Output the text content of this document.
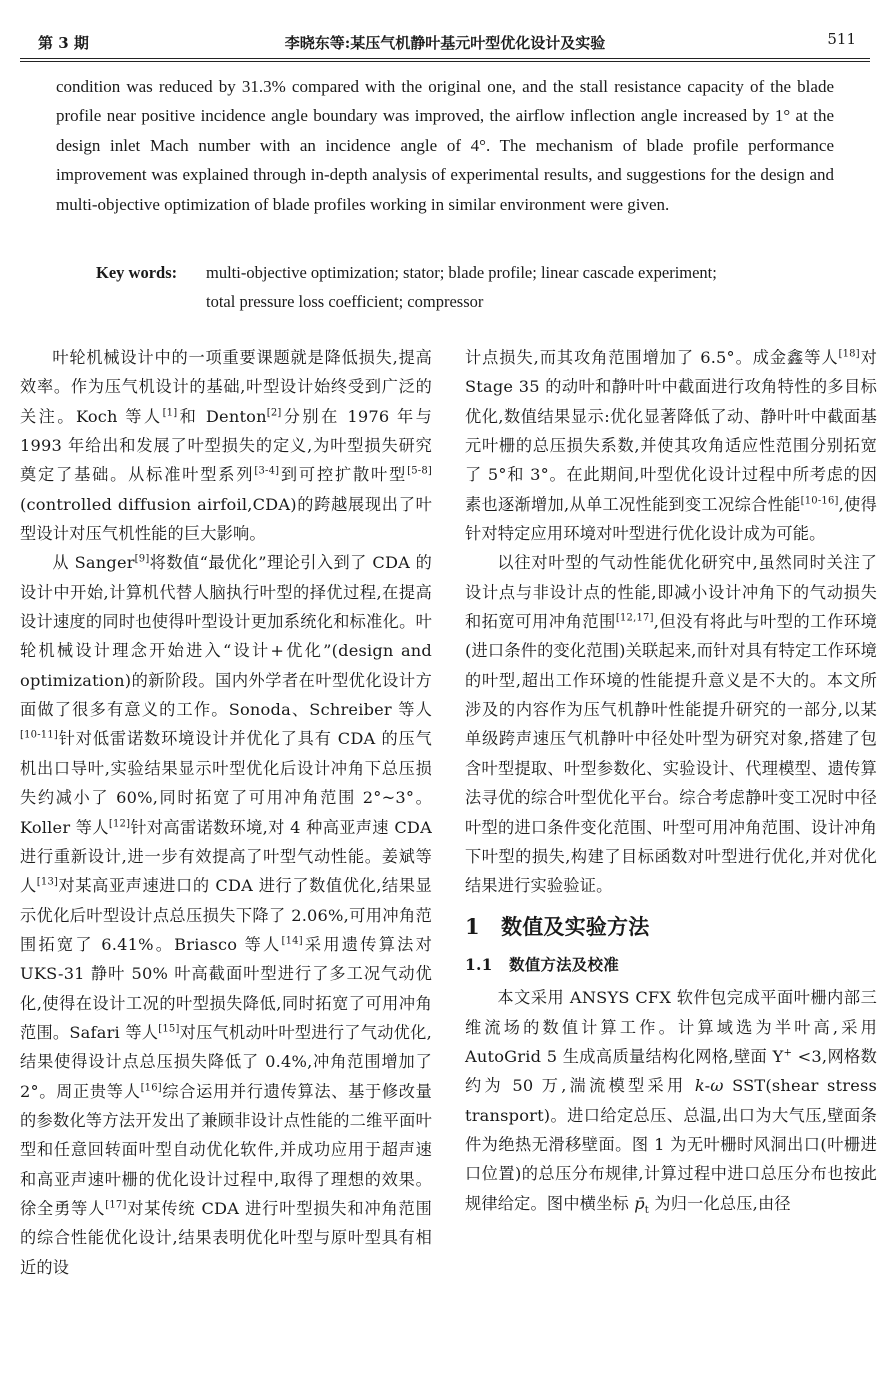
第 3 期	李晓东等:某压气机静叶基元叶型优化设计及实验	511
condition was reduced by 31.3% compared with the original one, and the stall resistance capacity of the blade profile near positive incidence angle boundary was improved, the airflow inflection angle increased by 1° at the design inlet Mach number with an incidence angle of 4°. The mechanism of blade profile performance improvement was explained through in-depth analysis of experimental results, and suggestions for the design and multi-objective optimization of blade profiles working in similar environment were given.
Key words: multi-objective optimization; stator; blade profile; linear cascade experiment;
total pressure loss coefficient; compressor

叶轮机械设计中的一项重要课题就是降低损失,提高效率。作为压气机设计的基础,叶型设计始终受到广泛的关注。Koch 等人[1]和 Denton[2]分别在 1976 年与 1993 年给出和发展了叶型损失的定义,为叶型损失研究奠定了基础。从标准叶型系列[3-4]到可控扩散叶型[5-8](controlled diffusion airfoil,CDA)的跨越展现出了叶型设计对压气机性能的巨大影响。

从 Sanger[9]将数值“最优化”理论引入到了 CDA 的设计中开始,计算机代替人脑执行叶型的择优过程,在提高设计速度的同时也使得叶型设计更加系统化和标准化。叶轮机械设计理念开始进入“设计+优化”(design and optimization)的新阶段。国内外学者在叶型优化设计方面做了很多有意义的工作。Sonoda、Schreiber 等人[10-11]针对低雷诺数环境设计并优化了具有 CDA 的压气机出口导叶,实验结果显示叶型优化后设计冲角下总压损失约减小了 60%,同时拓宽了可用冲角范围 2°~3°。Koller 等人[12]针对高雷诺数环境,对 4 种高亚声速 CDA 进行重新设计,进一步有效提高了叶型气动性能。姜斌等人[13]对某高亚声速进口的 CDA 进行了数值优化,结果显示优化后叶型设计点总压损失下降了 2.06%,可用冲角范围拓宽了 6.41%。Briasco 等人[14]采用遗传算法对 UKS-31 静叶 50% 叶高截面叶型进行了多工况气动优化,使得在设计工况的叶型损失降低,同时拓宽了可用冲角范围。Safari 等人[15]对压气机动叶叶型进行了气动优化,结果使得设计点总压损失降低了 0.4%,冲角范围增加了 2°。周正贵等人[16]综合运用并行遗传算法、基于修改量的参数化等方法开发出了兼顾非设计点性能的二维平面叶型和任意回转面叶型自动优化软件,并成功应用于超声速和高亚声速叶栅的优化设计过程中,取得了理想的效果。徐全勇等人[17]对某传统 CDA 进行叶型损失和冲角范围的综合性能优化设计,结果表明优化叶型与原叶型具有相近的设

计点损失,而其攻角范围增加了 6.5°。成金鑫等人[18]对 Stage 35 的动叶和静叶叶中截面进行攻角特性的多目标优化,数值结果显示:优化显著降低了动、静叶叶中截面基元叶栅的总压损失系数,并使其攻角适应性范围分别拓宽了 5°和 3°。在此期间,叶型优化设计过程中所考虑的因素也逐渐增加,从单工况性能到变工况综合性能[10-16],使得针对特定应用环境对叶型进行优化设计成为可能。

以往对叶型的气动性能优化研究中,虽然同时关注了设计点与非设计点的性能,即减小设计冲角下的气动损失和拓宽可用冲角范围[12,17],但没有将此与叶型的工作环境(进口条件的变化范围)关联起来,而针对具有特定工作环境的叶型,超出工作环境的性能提升意义是不大的。本文所涉及的内容作为压气机静叶性能提升研究的一部分,以某单级跨声速压气机静叶中径处叶型为研究对象,搭建了包含叶型提取、叶型参数化、实验设计、代理模型、遗传算法寻优的综合叶型优化平台。综合考虑静叶变工况时中径叶型的进口条件变化范围、叶型可用冲角范围、设计冲角下叶型的损失,构建了目标函数对叶型进行优化,并对优化结果进行实验验证。

1 数值及实验方法
1.1 数值方法及校准

本文采用 ANSYS CFX 软件包完成平面叶栅内部三维流场的数值计算工作。计算域选为半叶高,采用 AutoGrid 5 生成高质量结构化网格,壁面 Y+ <3,网格数约为 50 万,湍流模型采用 k-ω SST(shear stress transport)。进口给定总压、总温,出口为大气压,壁面条件为绝热无滑移壁面。图 1 为无叶栅时风洞出口(叶栅进口位置)的总压分布规律,计算过程中进口总压分布也按此规律给定。图中横坐标 $p̄_t$ 为归一化总压,由径
